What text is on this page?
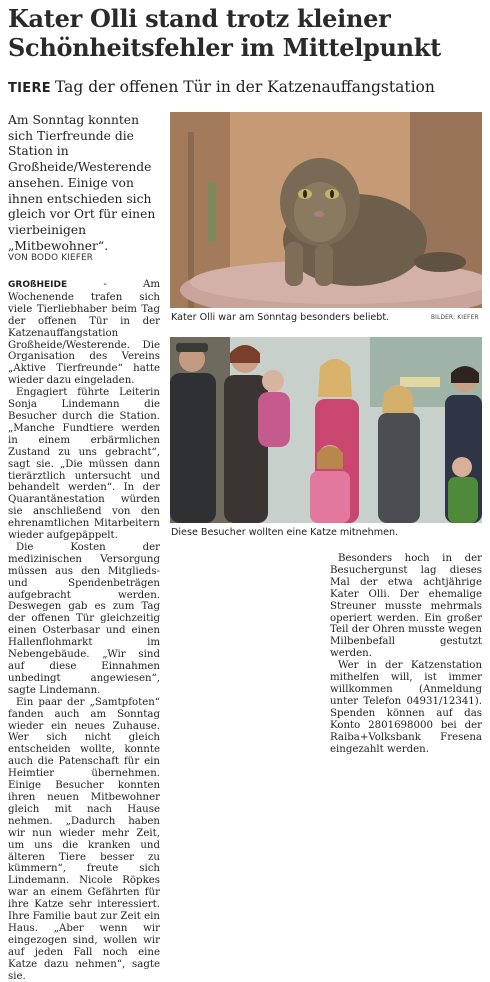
Kater Olli stand trotz kleiner Schönheitsfehler im Mittelpunkt
TIERE Tag der offenen Tür in der Katzenauffangstation
Am Sonntag konnten sich Tierfreunde die Station in Großheide/Westerende ansehen. Einige von ihnen entschieden sich gleich vor Ort für einen vierbeinigen „Mitbewohner“.
VON BODO KIEFER

GROßHEIDE - Am Wochenende trafen sich viele Tierliebhaber beim Tag der offenen Tür in der Katzenauffangstation Großheide/Westerende. Die Organisation des Vereins „Aktive Tierfreunde“ hatte wieder dazu eingeladen.

Engagiert führte Leiterin Sonja Lindemann die Besucher durch die Station. „Manche Fundtiere werden in einem erbärmlichen Zustand zu uns gebracht“, sagt sie. „Die müssen dann tierärztlich untersucht und behandelt werden“. In der Quarantänestation würden sie anschließend von den ehrenamtlichen Mitarbeitern wieder aufgepäppelt.

Die Kosten der medizinischen Versorgung müssen aus den Mitglieds- und Spendenbeträgen aufgebracht werden. Deswegen gab es zum Tag der offenen Tür gleichzeitig einen Osterbasar und einen Hallenflohmarkt im Nebengebäude. „Wir sind auf diese Einnahmen unbedingt angewiesen“, sagte Lindemann.

Ein paar der „Samtpfoten“ fanden auch am Sonntag wieder ein neues Zuhause. Wer sich nicht gleich entscheiden wollte, konnte auch die Patenschaft für ein Heimtier übernehmen. Einige Besucher konnten ihren neuen Mitbewohner gleich mit nach Hause nehmen. „Dadurch haben wir nun wieder mehr Zeit, um uns die kranken und älteren Tiere besser zu kümmern“, freute sich Lindemann. Nicole Röpkes war an einem Gefährten für ihre Katze sehr interessiert. Ihre Familie baut zur Zeit ein Haus. „Aber wenn wir eingezogen sind, wollen wir auf jeden Fall noch eine Katze dazu nehmen“, sagte sie.

Besonders hoch in der Besuchergunst lag dieses Mal der etwa achtjährige Kater Olli. Der ehemalige Streuner musste mehrmals operiert werden. Ein großer Teil der Ohren musste wegen Milbenbefall gestutzt werden.

Wer in der Katzenstation mithelfen will, ist immer willkommen (Anmeldung unter Telefon 04931/12341). Spenden können auf das Konto 2801698000 bei der Raiba+Volksbank Fresena eingezahlt werden.

Kater Olli war am Sonntag besonders beliebt.	BILDER: KIEFER
Diese Besucher wollten eine Katze mitnehmen.
